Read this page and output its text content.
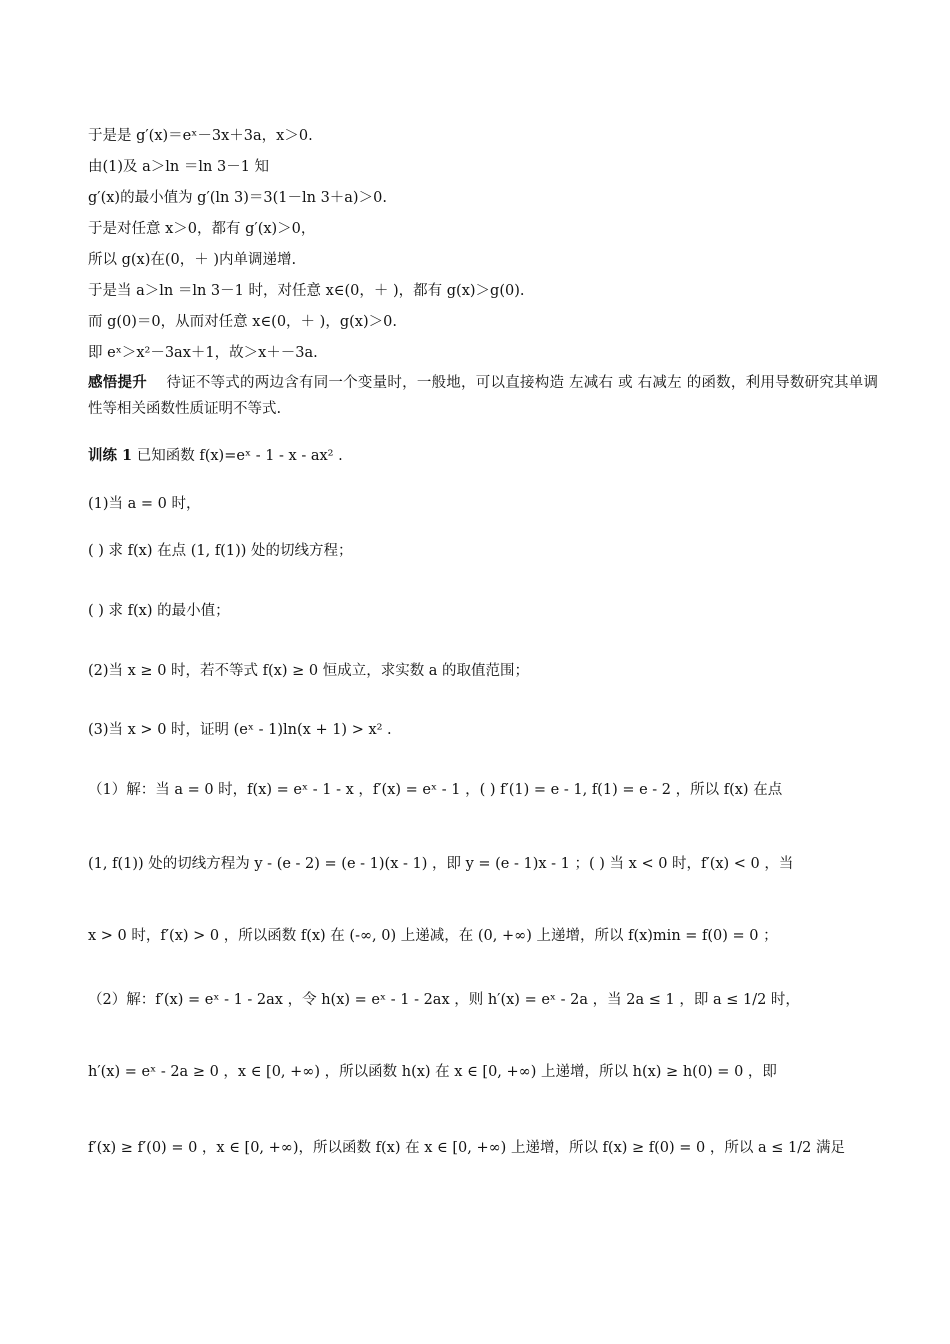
于是是 g′(x)＝eˣ－3x＋3a，x＞0.
由(1)及 a＞ln ＝ln 3－1 知
g′(x)的最小值为 g′(ln 3)＝3(1－ln 3＋a)＞0.
于是对任意 x＞0，都有 g′(x)＞0，
所以 g(x)在(0，＋ )内单调递增.
于是当 a＞ln ＝ln 3－1 时，对任意 x∈(0，＋ )，都有 g(x)＞g(0).
而 g(0)＝0，从而对任意 x∈(0，＋ )，g(x)＞0.
即 eˣ＞x²－3ax＋1，故＞x＋－3a.
感悟提升 待证不等式的两边含有同一个变量时，一般地，可以直接构造 左减右 或 右减左 的函数，利用导数研究其单调性等相关函数性质证明不等式.
训练 1 已知函数 f(x)=eˣ - 1 - x - ax² .
(1)当 a = 0 时，
( ) 求 f(x) 在点 (1, f(1)) 处的切线方程；
( ) 求 f(x) 的最小值；
(2)当 x ≥ 0 时，若不等式 f(x) ≥ 0 恒成立，求实数 a 的取值范围；
(3)当 x > 0 时，证明 (eˣ - 1)ln(x + 1) > x² .
（1）解：当 a = 0 时，f(x) = eˣ - 1 - x ，f′(x) = eˣ - 1 ，( ) f′(1) = e - 1, f(1) = e - 2 ，所以 f(x) 在点
(1, f(1)) 处的切线方程为 y - (e - 2) = (e - 1)(x - 1) ，即 y = (e - 1)x - 1 ；( ) 当 x < 0 时，f′(x) < 0 ，当
x > 0 时，f′(x) > 0 ，所以函数 f(x) 在 (-∞, 0) 上递减，在 (0, +∞) 上递增，所以 f(x)min = f(0) = 0 ；
（2）解：f′(x) = eˣ - 1 - 2ax ，令 h(x) = eˣ - 1 - 2ax ，则 h′(x) = eˣ - 2a ，当 2a ≤ 1 ，即 a ≤ 1/2 时，
h′(x) = eˣ - 2a ≥ 0 ，x ∈ [0, +∞) ，所以函数 h(x) 在 x ∈ [0, +∞) 上递增，所以 h(x) ≥ h(0) = 0 ，即
f′(x) ≥ f′(0) = 0 ，x ∈ [0, +∞)，所以函数 f(x) 在 x ∈ [0, +∞) 上递增，所以 f(x) ≥ f(0) = 0 ，所以 a ≤ 1/2 满足
